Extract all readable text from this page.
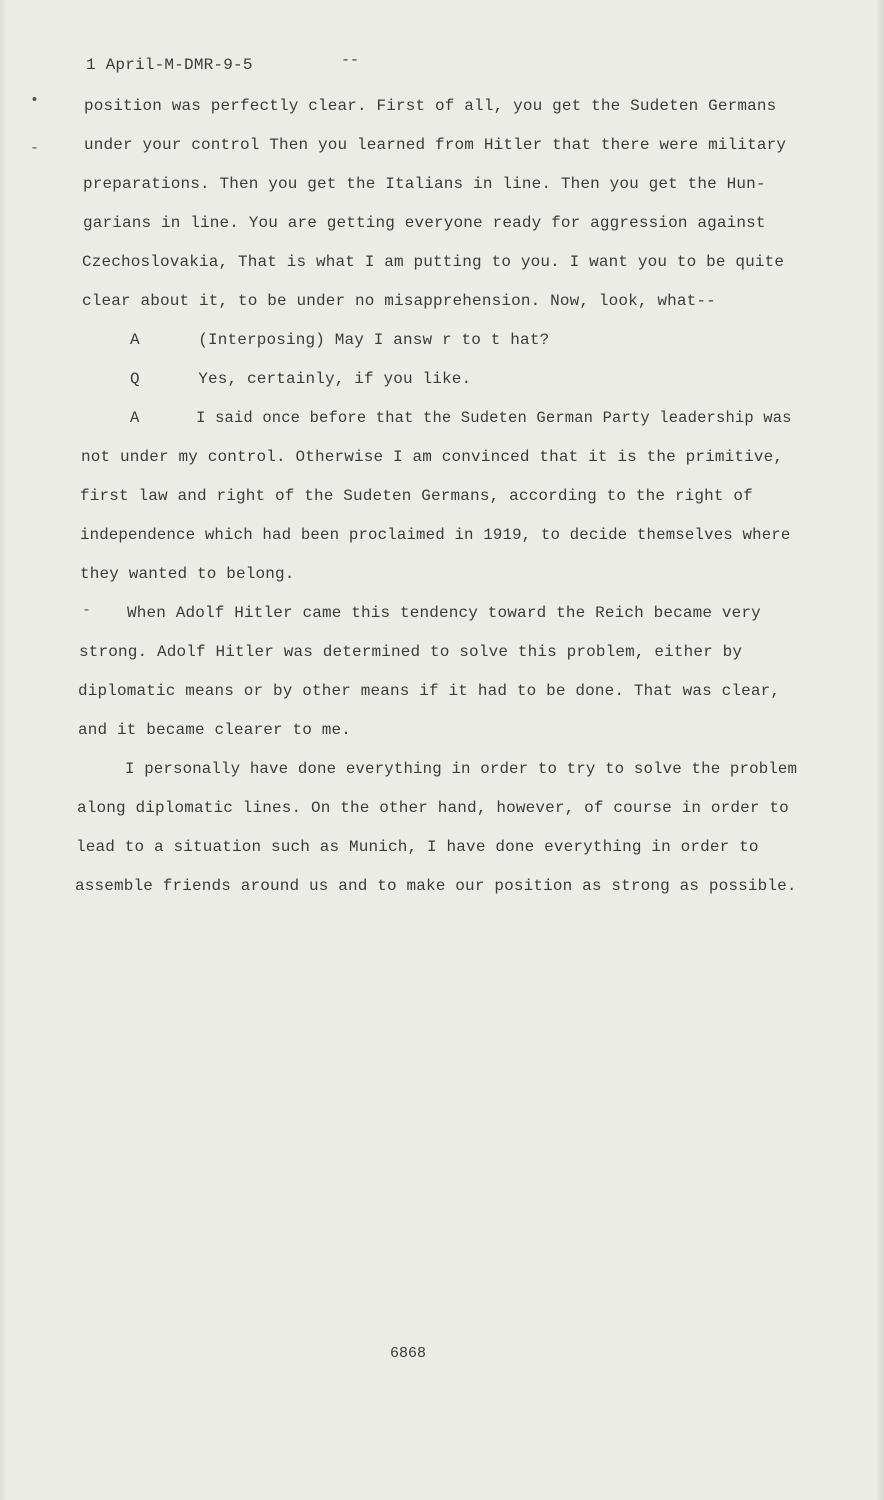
1 April-M-DMR-9-5	--
•
-
-
position was perfectly clear. First of all, you get the Sudeten Germans
under your control Then you learned from Hitler that there were military
preparations. Then you get the Italians in line. Then you get the Hun-
garians in line. You are getting everyone ready for aggression against
Czechoslovakia, That is what I am putting to you. I want you to be quite
clear about it, to be under no misapprehension. Now, look, what--
A      (Interposing) May I answ r to t hat?
Q      Yes, certainly, if you like.
A      I said once before that the Sudeten German Party leadership was
not under my control. Otherwise I am convinced that it is the primitive,
first law and right of the Sudeten Germans, according to the right of
independence which had been proclaimed in 1919, to decide themselves where
they wanted to belong.
When Adolf Hitler came this tendency toward the Reich became very
strong. Adolf Hitler was determined to solve this problem, either by
diplomatic means or by other means if it had to be done. That was clear,
and it became clearer to me.
I personally have done everything in order to try to solve the problem
along diplomatic lines. On the other hand, however, of course in order to
lead to a situation such as Munich, I have done everything in order to
assemble friends around us and to make our position as strong as possible.
6868
